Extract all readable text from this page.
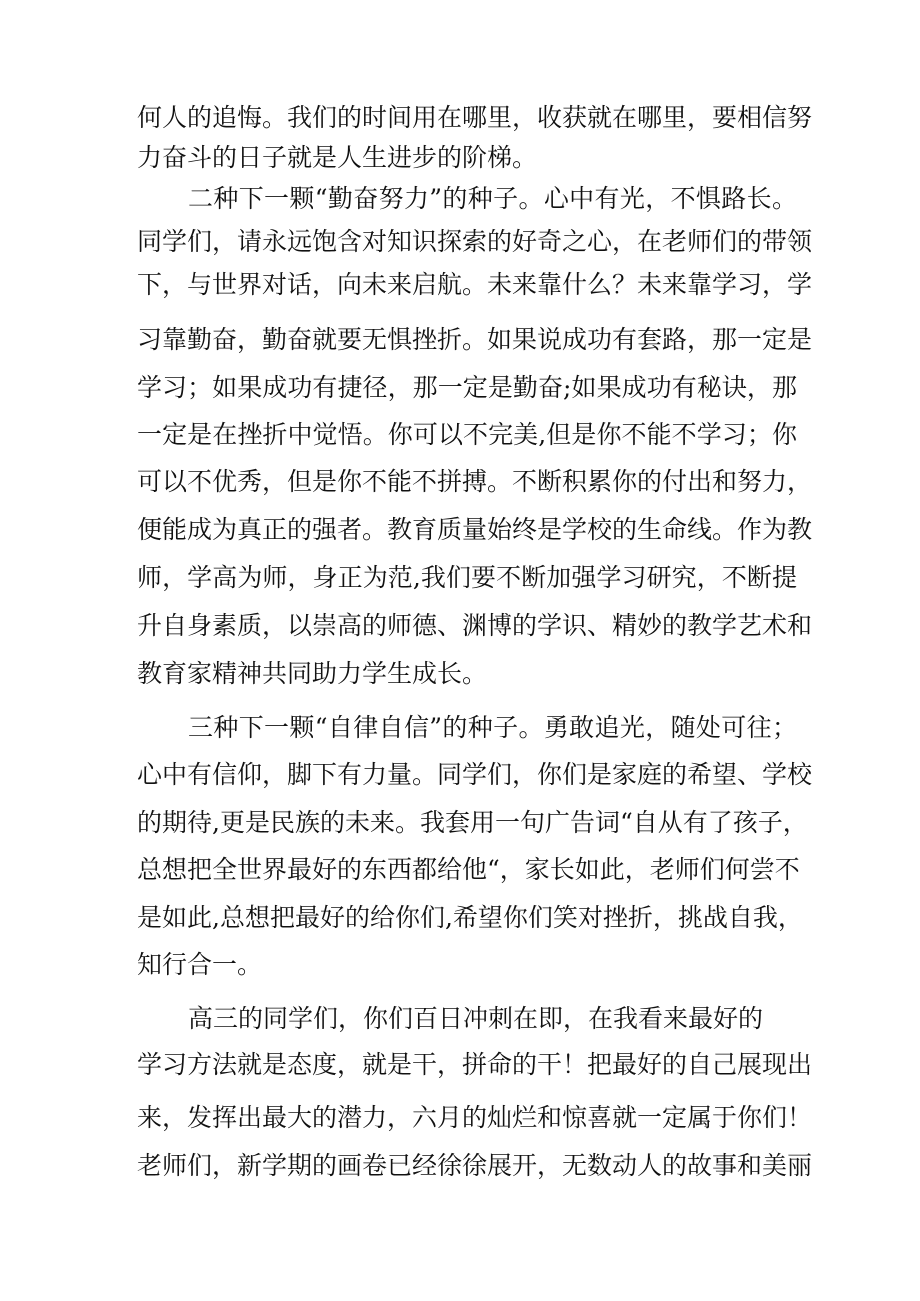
何人的追悔。我们的时间用在哪里，收获就在哪里，要相信努
力奋斗的日子就是人生进步的阶梯。
二种下一颗“勤奋努力”的种子。心中有光，不惧路长。
同学们，请永远饱含对知识探索的好奇之心，在老师们的带领
下，与世界对话，向未来启航。未来靠什么？未来靠学习，学
习靠勤奋，勤奋就要无惧挫折。如果说成功有套路，那一定是
学习；如果成功有捷径，那一定是勤奋;如果成功有秘诀，那
一定是在挫折中觉悟。你可以不完美,但是你不能不学习；你
可以不优秀，但是你不能不拼搏。不断积累你的付出和努力，
便能成为真正的强者。教育质量始终是学校的生命线。作为教
师，学高为师，身正为范,我们要不断加强学习研究，不断提
升自身素质，以崇高的师德、渊博的学识、精妙的教学艺术和
教育家精神共同助力学生成长。
三种下一颗“自律自信”的种子。勇敢追光，随处可往；
心中有信仰，脚下有力量。同学们，你们是家庭的希望、学校
的期待,更是民族的未来。我套用一句广告词“自从有了孩子，
总想把全世界最好的东西都给他“，家长如此，老师们何尝不
是如此,总想把最好的给你们,希望你们笑对挫折，挑战自我，
知行合一。
高三的同学们，你们百日冲刺在即，在我看来最好的
学习方法就是态度，就是干，拼命的干！把最好的自己展现出
来，发挥出最大的潜力，六月的灿烂和惊喜就一定属于你们！
老师们，新学期的画卷已经徐徐展开，无数动人的故事和美丽
